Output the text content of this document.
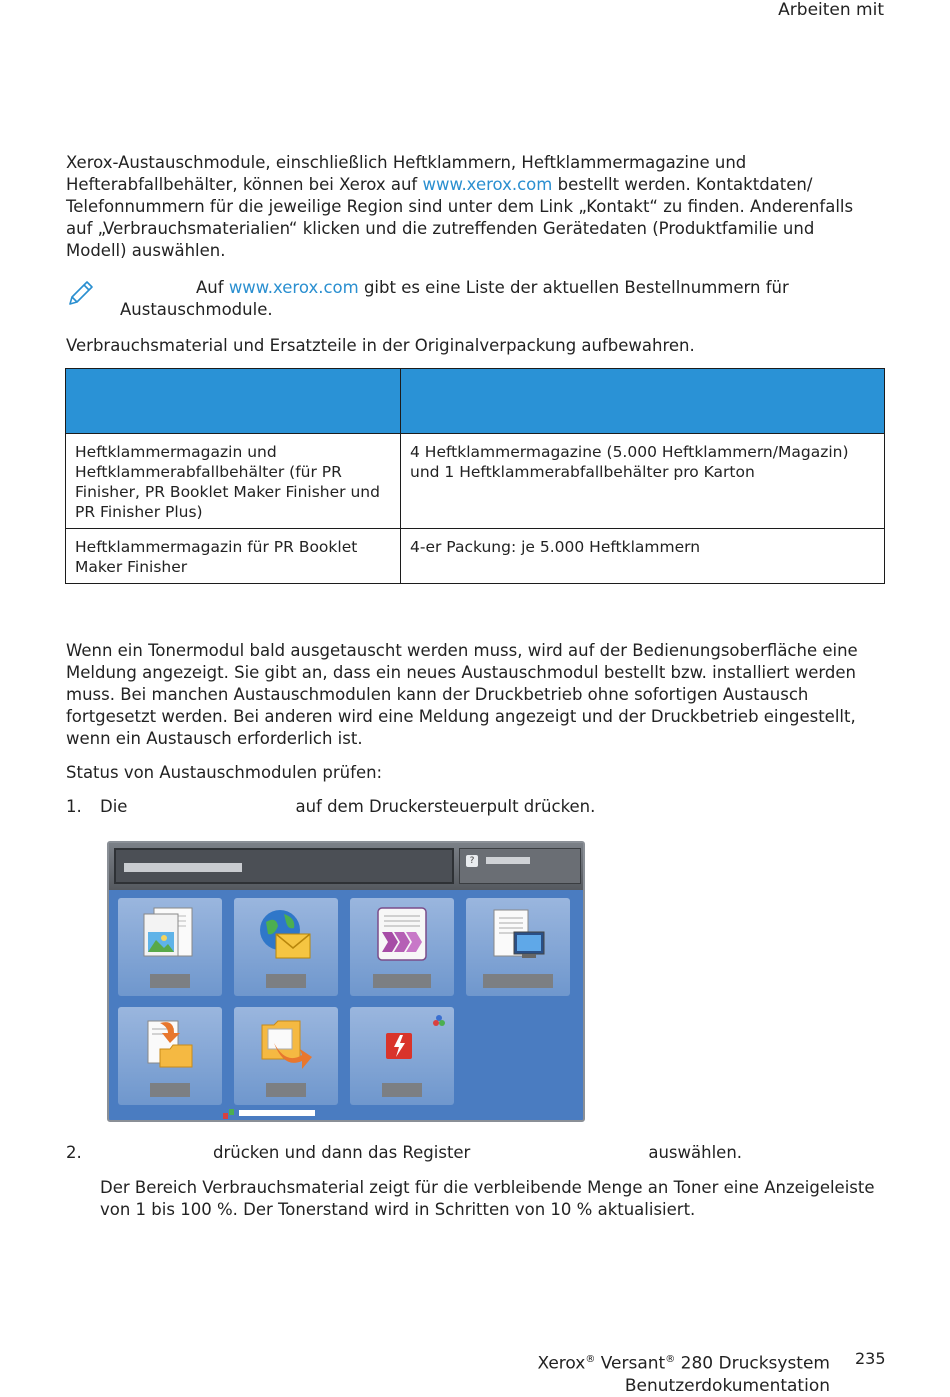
Arbeiten mit

Xerox-Austauschmodule, einschließlich Heftklammern, Heftklammermagazine und Hefterabfallbehälter, können bei Xerox auf www.xerox.com bestellt werden. Kontaktdaten/ Telefonnummern für die jeweilige Region sind unter dem Link „Kontakt“ zu finden. Anderenfalls auf „Verbrauchsmaterialien“ klicken und die zutreffenden Gerätedaten (Produktfamilie und Modell) auswählen.

Auf www.xerox.com gibt es eine Liste der aktuellen Bestellnummern für Austauschmodule.

Verbrauchsmaterial und Ersatzteile in der Originalverpackung aufbewahren.

Heftklammermagazin und Heftklammerabfallbehälter (für PR Finisher, PR Booklet Maker Finisher und PR Finisher Plus)	4 Heftklammermagazine (5.000 Heftklammern/Magazin) und 1 Heftklammerabfallbehälter pro Karton
Heftklammermagazin für PR Booklet Maker Finisher	4-er Packung: je 5.000 Heftklammern

Wenn ein Tonermodul bald ausgetauscht werden muss, wird auf der Bedienungsoberfläche eine Meldung angezeigt. Sie gibt an, dass ein neues Austauschmodul bestellt bzw. installiert werden muss. Bei manchen Austauschmodulen kann der Druckbetrieb ohne sofortigen Austausch fortgesetzt werden. Bei anderen wird eine Meldung angezeigt und der Druckbetrieb eingestellt, wenn ein Austausch erforderlich ist.

Status von Austauschmodulen prüfen:

1. Die	auf dem Druckersteuerpult drücken.

?
2.	drücken und dann das Register	auswählen.

Der Bereich Verbrauchsmaterial zeigt für die verbleibende Menge an Toner eine Anzeigeleiste von 1 bis 100 %. Der Tonerstand wird in Schritten von 10 % aktualisiert.

Xerox® Versant® 280 Drucksystem
Benutzerdokumentation
235
